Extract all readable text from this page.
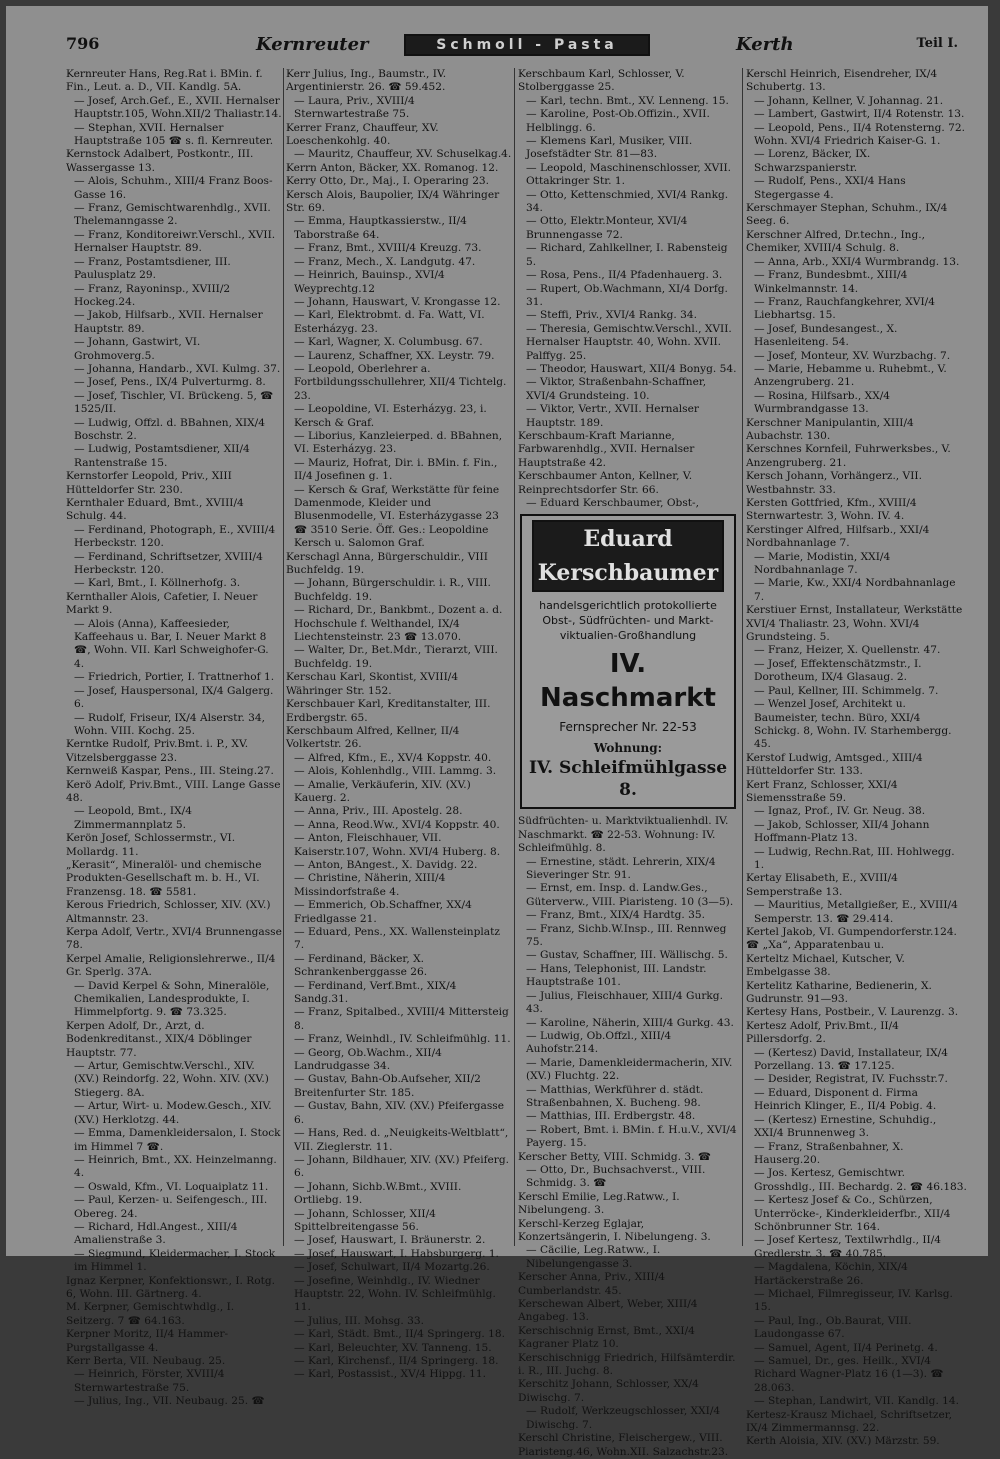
796	Kernreuter	Schmoll - Pasta	Kerth	Teil I.

Kernreuter Hans, Reg.Rat i. BMin. f. Fin., Leut. a. D., VII. Kandlg. 5A.

— Josef, Arch.Gef., E., XVII. Hernalser Hauptstr.105, Wohn.XII/2 Thaliastr.14.

— Stephan, XVII. Hernalser Hauptstraße 105 ☎ s. fl. Kernreuter.

Kernstock Adalbert, Postkontr., III. Wassergasse 13.

— Alois, Schuhm., XIII/4 Franz Boos-Gasse 16.

— Franz, Gemischtwarenhdlg., XVII. Thelemanngasse 2.

— Franz, Konditoreiwr.Verschl., XVII. Hernalser Hauptstr. 89.

— Franz, Postamtsdiener, III. Paulusplatz 29.

— Franz, Rayoninsp., XVIII/2 Hockeg.24.

— Jakob, Hilfsarb., XVII. Hernalser Hauptstr. 89.

— Johann, Gastwirt, VI. Grohmoverg.5.

— Johanna, Handarb., XVI. Kulmg. 37.

— Josef, Pens., IX/4 Pulverturmg. 8.

— Josef, Tischler, VI. Brückeng. 5, ☎ 1525/II.

— Ludwig, Offzl. d. BBahnen, XIX/4 Boschstr. 2.

— Ludwig, Postamtsdiener, XII/4 Rantenstraße 15.

Kernstorfer Leopold, Priv., XIII Hütteldorfer Str. 230.

Kernthaler Eduard, Bmt., XVIII/4 Schulg. 44.

— Ferdinand, Photograph, E., XVIII/4 Herbeckstr. 120.

— Ferdinand, Schriftsetzer, XVIII/4 Herbeckstr. 120.

— Karl, Bmt., I. Köllnerhofg. 3.

Kernthaller Alois, Cafetier, I. Neuer Markt 9.

— Alois (Anna), Kaffeesieder, Kaffeehaus u. Bar, I. Neuer Markt 8 ☎, Wohn. VII. Karl Schweighofer-G. 4.

— Friedrich, Portier, I. Trattnerhof 1.

— Josef, Hauspersonal, IX/4 Galgerg. 6.

— Rudolf, Friseur, IX/4 Alserstr. 34, Wohn. VIII. Kochg. 25.

Kerntke Rudolf, Priv.Bmt. i. P., XV. Vitzelsberggasse 23.

Kernweiß Kaspar, Pens., III. Steing.27.

Kerö Adolf, Priv.Bmt., VIII. Lange Gasse 48.

— Leopold, Bmt., IX/4 Zimmermannplatz 5.

Kerön Josef, Schlossermstr., VI. Mollardg. 11.

„Kerasit“, Mineralöl- und chemische Produkten-Gesellschaft m. b. H., VI. Franzensg. 18. ☎ 5581.

Kerous Friedrich, Schlosser, XIV. (XV.) Altmannstr. 23.

Kerpa Adolf, Vertr., XVI/4 Brunnengasse 78.

Kerpel Amalie, Religionslehrerwe., II/4 Gr. Sperlg. 37A.

— David Kerpel & Sohn, Mineralöle, Chemikalien, Landesprodukte, I. Himmelpfortg. 9. ☎ 73.325.

Kerpen Adolf, Dr., Arzt, d. Bodenkreditanst., XIX/4 Döblinger Hauptstr. 77.

— Artur, Gemischtw.Verschl., XIV. (XV.) Reindorfg. 22, Wohn. XIV. (XV.) Stiegerg. 8A.

— Artur, Wirt- u. Modew.Gesch., XIV. (XV.) Herklotzg. 44.

— Emma, Damenkleidersalon, I. Stock im Himmel 7 ☎.

— Heinrich, Bmt., XX. Heinzelmanng. 4.

— Oswald, Kfm., VI. Loquaiplatz 11.

— Paul, Kerzen- u. Seifengesch., III. Obereg. 24.

— Richard, Hdl.Angest., XIII/4 Amalienstraße 3.

— Siegmund, Kleidermacher, I. Stock im Himmel 1.

Ignaz Kerpner, Konfektionswr., I. Rotg. 6, Wohn. III. Gärtnerg. 4.

M. Kerpner, Gemischtwhdlg., I. Seitzerg. 7 ☎ 64.163.

Kerpner Moritz, II/4 Hammer-Purgstallgasse 4.

Kerr Berta, VII. Neubaug. 25.

— Heinrich, Förster, XVIII/4 Sternwartestraße 75.

— Julius, Ing., VII. Neubaug. 25. ☎

Kerr Julius, Ing., Baumstr., IV. Argentinierstr. 26. ☎ 59.452.

— Laura, Priv., XVIII/4 Sternwartestraße 75.

Kerrer Franz, Chauffeur, XV. Loeschenkohlg. 40.

— Mauritz, Chauffeur, XV. Schuselkag.4.

Kerrn Anton, Bäcker, XX. Romanog. 12.

Kerry Otto, Dr., Maj., I. Operaring 23.

Kersch Alois, Baupolier, IX/4 Währinger Str. 69.

— Emma, Hauptkassierstw., II/4 Taborstraße 64.

— Franz, Bmt., XVIII/4 Kreuzg. 73.

— Franz, Mech., X. Landgutg. 47.

— Heinrich, Bauinsp., XVI/4 Weyprechtg.12

— Johann, Hauswart, V. Krongasse 12.

— Karl, Elektrobmt. d. Fa. Watt, VI. Esterházyg. 23.

— Karl, Wagner, X. Columbusg. 67.

— Laurenz, Schaffner, XX. Leystr. 79.

— Leopold, Oberlehrer a. Fortbildungsschullehrer, XII/4 Tichtelg. 23.

— Leopoldine, VI. Esterházyg. 23, i. Kersch & Graf.

— Liborius, Kanzleierped. d. BBahnen, VI. Esterházyg. 23.

— Mauriz, Hofrat, Dir. i. BMin. f. Fin., II/4 Josefinen g. 1.

— Kersch & Graf, Werkstätte für feine Damenmode, Kleider und Blusenmodelle, VI. Esterházygasse 23 ☎ 3510 Serie. Öff. Ges.: Leopoldine Kersch u. Salomon Graf.

Kerschagl Anna, Bürgerschuldir., VIII Buchfeldg. 19.

— Johann, Bürgerschuldir. i. R., VIII. Buchfeldg. 19.

— Richard, Dr., Bankbmt., Dozent a. d. Hochschule f. Welthandel, IX/4 Liechtensteinstr. 23 ☎ 13.070.

— Walter, Dr., Bet.Mdr., Tierarzt, VIII. Buchfeldg. 19.

Kerschau Karl, Skontist, XVIII/4 Währinger Str. 152.

Kerschbauer Karl, Kreditanstalter, III. Erdbergstr. 65.

Kerschbaum Alfred, Kellner, II/4 Volkertstr. 26.

— Alfred, Kfm., E., XV/4 Koppstr. 40.

— Alois, Kohlenhdlg., VIII. Lammg. 3.

— Amalie, Verkäuferin, XIV. (XV.) Kauerg. 2.

— Anna, Priv., III. Apostelg. 28.

— Anna, Reod.Ww., XVI/4 Koppstr. 40.

— Anton, Fleischhauer, VII. Kaiserstr.107, Wohn. XVI/4 Huberg. 8.

— Anton, BAngest., X. Davidg. 22.

— Christine, Näherin, XIII/4 Missindorfstraße 4.

— Emmerich, Ob.Schaffner, XX/4 Friedlgasse 21.

— Eduard, Pens., XX. Wallensteinplatz 7.

— Ferdinand, Bäcker, X. Schrankenberggasse 26.

— Ferdinand, Verf.Bmt., XIX/4 Sandg.31.

— Franz, Spitalbed., XVIII/4 Mittersteig 8.

— Franz, Weinhdl., IV. Schleifmühlg. 11.

— Georg, Ob.Wachm., XII/4 Landrudgasse 34.

— Gustav, Bahn-Ob.Aufseher, XII/2 Breitenfurter Str. 185.

— Gustav, Bahn, XIV. (XV.) Pfeifergasse 6.

— Hans, Red. d. „Neuigkeits-Weltblatt“, VII. Zieglerstr. 11.

— Johann, Bildhauer, XIV. (XV.) Pfeiferg. 6.

— Johann, Sichb.W.Bmt., XVIII. Ortliebg. 19.

— Johann, Schlosser, XII/4 Spittelbreitengasse 56.

— Josef, Hauswart, I. Bräunerstr. 2.

— Josef, Hauswart, I. Habsburgerg. 1.

— Josef, Schulwart, II/4 Mozartg.26.

— Josefine, Weinhdlg., IV. Wiedner Hauptstr. 22, Wohn. IV. Schleifmühlg. 11.

— Julius, III. Mohsg. 33.

— Karl, Städt. Bmt., II/4 Springerg. 18.

— Karl, Beleuchter, XV. Tanneng. 15.

— Karl, Kirchensf., II/4 Springerg. 18.

— Karl, Postassist., XV/4 Hippg. 11.

Kerschbaum Karl, Schlosser, V. Stolberggasse 25.

— Karl, techn. Bmt., XV. Lenneng. 15.

— Karoline, Post-Ob.Offizin., XVII. Helblingg. 6.

— Klemens Karl, Musiker, VIII. Josefstädter Str. 81—83.

— Leopold, Maschinenschlosser, XVII. Ottakringer Str. 1.

— Otto, Kettenschmied, XVI/4 Rankg. 34.

— Otto, Elektr.Monteur, XVI/4 Brunnengasse 72.

— Richard, Zahlkellner, I. Rabensteig 5.

— Rosa, Pens., II/4 Pfadenhauerg. 3.

— Rupert, Ob.Wachmann, XI/4 Dorfg. 31.

— Steffi, Priv., XVI/4 Rankg. 34.

— Theresia, Gemischtw.Verschl., XVII. Hernalser Hauptstr. 40, Wohn. XVII. Palffyg. 25.

— Theodor, Hauswart, XII/4 Bonyg. 54.

— Viktor, Straßenbahn-Schaffner, XVI/4 Grundsteing. 10.

— Viktor, Vertr., XVII. Hernalser Hauptstr. 189.

Kerschbaum-Kraft Marianne, Farbwarenhdlg., XVII. Hernalser Hauptstraße 42.

Kerschbaumer Anton, Kellner, V. Reinprechtsdorfer Str. 66.

— Eduard Kerschbaumer, Obst-,

Eduard Kerschbaumer
handelsgerichtlich protokollierte
Obst-, Südfrüchten- und Markt-
viktualien-Großhandlung
IV. Naschmarkt
Fernsprecher Nr. 22-53
Wohnung:
IV. Schleifmühlgasse 8.

Südfrüchten- u. Marktviktualienhdl. IV. Naschmarkt. ☎ 22-53. Wohnung: IV. Schleifmühlg. 8.

— Ernestine, städt. Lehrerin, XIX/4 Sieveringer Str. 91.

— Ernst, em. Insp. d. Landw.Ges., Güterverw., VIII. Piaristeng. 10 (3—5).

— Franz, Bmt., XIX/4 Hardtg. 35.

— Franz, Sichb.W.Insp., III. Rennweg 75.

— Gustav, Schaffner, III. Wällischg. 5.

— Hans, Telephonist, III. Landstr. Hauptstraße 101.

— Julius, Fleischhauer, XIII/4 Gurkg. 43.

— Karoline, Näherin, XIII/4 Gurkg. 43.

— Ludwig, Ob.Offzl., XIII/4 Auhofstr.214.

— Marie, Damenkleidermacherin, XIV. (XV.) Fluchtg. 22.

— Matthias, Werkführer d. städt. Straßenbahnen, X. Bucheng. 98.

— Matthias, III. Erdbergstr. 48.

— Robert, Bmt. i. BMin. f. H.u.V., XVI/4 Payerg. 15.

Kerscher Betty, VIII. Schmidg. 3. ☎

— Otto, Dr., Buchsachverst., VIII. Schmidg. 3. ☎

Kerschl Emilie, Leg.Ratww., I. Nibelungeng. 3.

Kerschl-Kerzeg Eglajar, Konzertsängerin, I. Nibelungeng. 3.

— Cäcilie, Leg.Ratww., I. Nibelungengasse 3.

Kerscher Anna, Priv., XIII/4 Cumberlandstr. 45.

Kerschewan Albert, Weber, XIII/4 Angabeg. 13.

Kerschischnig Ernst, Bmt., XXI/4 Kagraner Platz 10.

Kerschischnigg Friedrich, Hilfsämterdir. i. R., III. Juchg. 8.

Kerschitz Johann, Schlosser, XX/4 Diwischg. 7.

— Rudolf, Werkzeugschlosser, XXI/4 Diwischg. 7.

Kerschl Christine, Fleischergew., VIII. Piaristeng.46, Wohn.XII. Salzachstr.23.

Kerschl Heinrich, Eisendreher, IX/4 Schubertg. 13.

— Johann, Kellner, V. Johannag. 21.

— Lambert, Gastwirt, II/4 Rotenstr. 13.

— Leopold, Pens., II/4 Rotensterng. 72. Wohn. XVI/4 Friedrich Kaiser-G. 1.

— Lorenz, Bäcker, IX. Schwarzspanierstr.

— Rudolf, Pens., XXI/4 Hans Stegergasse 4.

Kerschmayer Stephan, Schuhm., IX/4 Seeg. 6.

Kerschner Alfred, Dr.techn., Ing., Chemiker, XVIII/4 Schulg. 8.

— Anna, Arb., XXI/4 Wurmbrandg. 13.

— Franz, Bundesbmt., XIII/4 Winkelmannstr. 14.

— Franz, Rauchfangkehrer, XVI/4 Liebhartsg. 15.

— Josef, Bundesangest., X. Hasenleiteng. 54.

— Josef, Monteur, XV. Wurzbachg. 7.

— Marie, Hebamme u. Ruhebmt., V. Anzengruberg. 21.

— Rosina, Hilfsarb., XX/4 Wurmbrandgasse 13.

Kerschner Manipulantin, XIII/4 Aubachstr. 130.

Kerschnes Kornfeil, Fuhrwerksbes., V. Anzengruberg. 21.

Kersch Johann, Vorhängerz., VII. Westbahnstr. 33.

Kersten Gottfried, Kfm., XVIII/4 Sternwartestr. 3, Wohn. IV. 4.

Kerstinger Alfred, Hilfsarb., XXI/4 Nordbahnanlage 7.

— Marie, Modistin, XXI/4 Nordbahnanlage 7.

— Marie, Kw., XXI/4 Nordbahnanlage 7.

Kerstiuer Ernst, Installateur, Werkstätte XVI/4 Thaliastr. 23, Wohn. XVI/4 Grundsteing. 5.

— Franz, Heizer, X. Quellenstr. 47.

— Josef, Effektenschätzmstr., I. Dorotheum, IX/4 Glasaug. 2.

— Paul, Kellner, III. Schimmelg. 7.

— Wenzel Josef, Architekt u. Baumeister, techn. Büro, XXI/4 Schickg. 8, Wohn. IV. Starhembergg. 45.

Kerstof Ludwig, Amtsged., XIII/4 Hütteldorfer Str. 133.

Kert Franz, Schlosser, XXI/4 Siemensstraße 59.

— Ignaz, Prof., IV. Gr. Neug. 38.

— Jakob, Schlosser, XII/4 Johann Hoffmann-Platz 13.

— Ludwig, Rechn.Rat, III. Hohlwegg. 1.

Kertay Elisabeth, E., XVIII/4 Semperstraße 13.

— Mauritius, Metallgießer, E., XVIII/4 Semperstr. 13. ☎ 29.414.

Kertel Jakob, VI. Gumpendorferstr.124. ☎ „Xa“, Apparatenbau u.

Kerteltz Michael, Kutscher, V. Embelgasse 38.

Kertelitz Katharine, Bedienerin, X. Gudrunstr. 91—93.

Kertesy Hans, Postbeir., V. Laurenzg. 3.

Kertesz Adolf, Priv.Bmt., II/4 Pillersdorfg. 2.

— (Kertesz) David, Installateur, IX/4 Porzellang. 13. ☎ 17.125.

— Desider, Registrat, IV. Fuchsstr.7.

— Eduard, Disponent d. Firma Heinrich Klinger, E., II/4 Pobig. 4.

— (Kertesz) Ernestine, Schuhdig., XXI/4 Brunnenweg 3.

— Franz, Straßenbahner, X. Hauserg.20.

— Jos. Kertesz, Gemischtwr. Grosshdlg., III. Bechardg. 2. ☎ 46.183.

— Kertesz Josef & Co., Schürzen, Unterröcke-, Kinderkleiderfbr., XII/4 Schönbrunner Str. 164.

— Josef Kertesz, Textilwrhdlg., II/4 Gredlerstr. 3. ☎ 40.785.

— Magdalena, Köchin, XIX/4 Hartäckerstraße 26.

— Michael, Filmregisseur, IV. Karlsg. 15.

— Paul, Ing., Ob.Baurat, VIII. Laudongasse 67.

— Samuel, Agent, II/4 Perinetg. 4.

— Samuel, Dr., ges. Heilk., XVI/4 Richard Wagner-Platz 16 (1—3). ☎ 28.063.

— Stephan, Landwirt, VII. Kandlg. 14.

Kertesz-Krausz Michael, Schriftsetzer, IX/4 Zimmermannsg. 22.

Kerth Aloisia, XIV. (XV.) Märzstr. 59.
